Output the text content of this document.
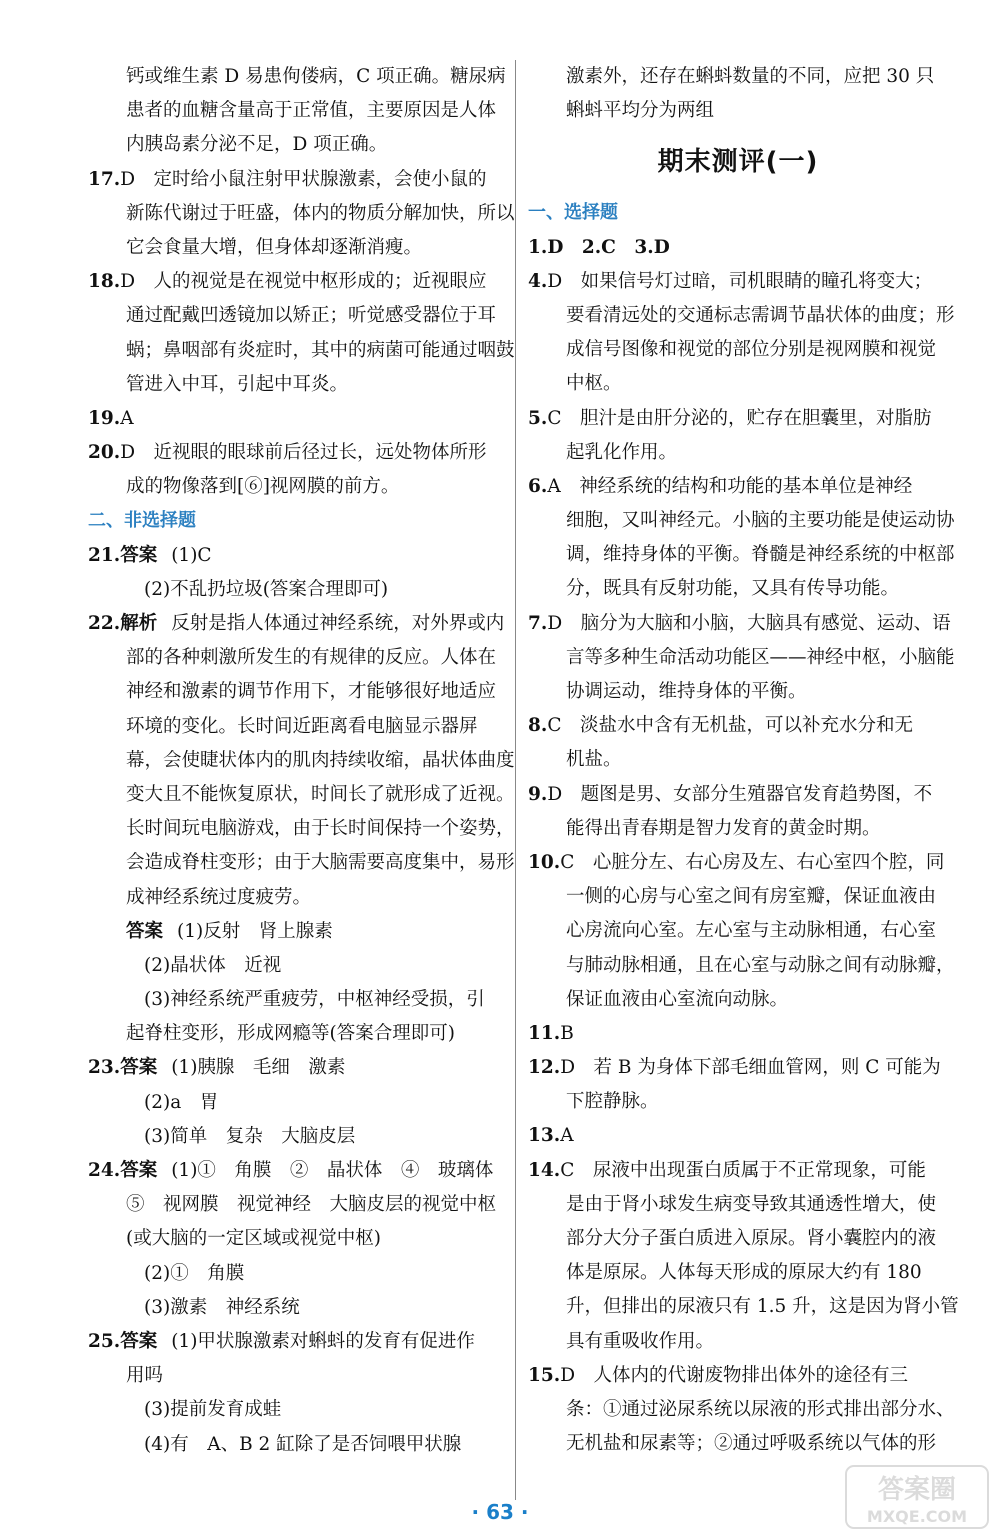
钙或维生素 D 易患佝偻病，C 项正确。糖尿病
患者的血糖含量高于正常值，主要原因是人体
内胰岛素分泌不足，D 项正确。
17.D　定时给小鼠注射甲状腺激素，会使小鼠的
新陈代谢过于旺盛，体内的物质分解加快，所以
它会食量大增，但身体却逐渐消瘦。
18.D　人的视觉是在视觉中枢形成的；近视眼应
通过配戴凹透镜加以矫正；听觉感受器位于耳
蜗；鼻咽部有炎症时，其中的病菌可能通过咽鼓
管进入中耳，引起中耳炎。
19.A
20.D　近视眼的眼球前后径过长，远处物体所形
成的物像落到[⑥]视网膜的前方。
二、非选择题
21.答案 (1)C
(2)不乱扔垃圾(答案合理即可)
22.解析 反射是指人体通过神经系统，对外界或内
部的各种刺激所发生的有规律的反应。人体在
神经和激素的调节作用下，才能够很好地适应
环境的变化。长时间近距离看电脑显示器屏
幕，会使睫状体内的肌肉持续收缩，晶状体曲度
变大且不能恢复原状，时间长了就形成了近视。
长时间玩电脑游戏，由于长时间保持一个姿势，
会造成脊柱变形；由于大脑需要高度集中，易形
成神经系统过度疲劳。
答案 (1)反射　肾上腺素
(2)晶状体　近视
(3)神经系统严重疲劳，中枢神经受损，引
起脊柱变形，形成网瘾等(答案合理即可)
23.答案 (1)胰腺　毛细　激素
(2)a　胃
(3)简单　复杂　大脑皮层
24.答案 (1)①　角膜　②　晶状体　④　玻璃体
⑤　视网膜　视觉神经　大脑皮层的视觉中枢
(或大脑的一定区域或视觉中枢)
(2)①　角膜
(3)激素　神经系统
25.答案 (1)甲状腺激素对蝌蚪的发育有促进作
用吗
(3)提前发育成蛙
(4)有　A、B 2 缸除了是否饲喂甲状腺
激素外，还存在蝌蚪数量的不同，应把 30 只
蝌蚪平均分为两组
期末测评(一)
一、选择题
1.D　2.C　3.D
4.D　如果信号灯过暗，司机眼睛的瞳孔将变大；
要看清远处的交通标志需调节晶状体的曲度；形
成信号图像和视觉的部位分别是视网膜和视觉
中枢。
5.C　胆汁是由肝分泌的，贮存在胆囊里，对脂肪
起乳化作用。
6.A　神经系统的结构和功能的基本单位是神经
细胞，又叫神经元。小脑的主要功能是使运动协
调，维持身体的平衡。脊髓是神经系统的中枢部
分，既具有反射功能，又具有传导功能。
7.D　脑分为大脑和小脑，大脑具有感觉、运动、语
言等多种生命活动功能区——神经中枢，小脑能
协调运动，维持身体的平衡。
8.C　淡盐水中含有无机盐，可以补充水分和无
机盐。
9.D　题图是男、女部分生殖器官发育趋势图，不
能得出青春期是智力发育的黄金时期。
10.C　心脏分左、右心房及左、右心室四个腔，同
一侧的心房与心室之间有房室瓣，保证血液由
心房流向心室。左心室与主动脉相通，右心室
与肺动脉相通，且在心室与动脉之间有动脉瓣，
保证血液由心室流向动脉。
11.B
12.D　若 B 为身体下部毛细血管网，则 C 可能为
下腔静脉。
13.A
14.C　尿液中出现蛋白质属于不正常现象，可能
是由于肾小球发生病变导致其通透性增大，使
部分大分子蛋白质进入原尿。肾小囊腔内的液
体是原尿。人体每天形成的原尿大约有 180
升，但排出的尿液只有 1.5 升，这是因为肾小管
具有重吸收作用。
15.D　人体内的代谢废物排出体外的途径有三
条：①通过泌尿系统以尿液的形式排出部分水、
无机盐和尿素等；②通过呼吸系统以气体的形
· 63 ·
答案圈
MXQE.COM
